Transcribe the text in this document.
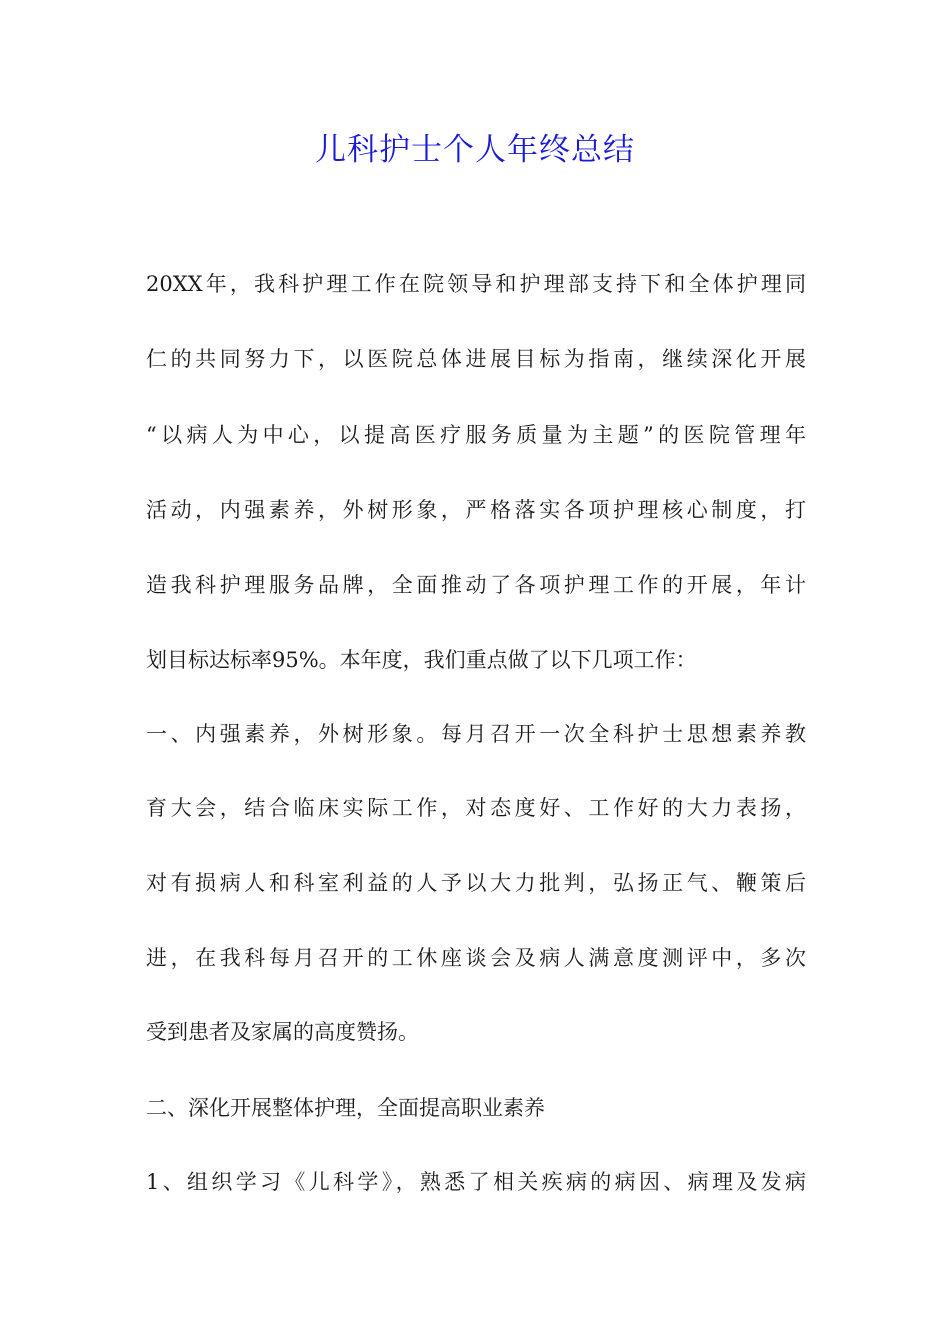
儿科护士个人年终总结
20XX年，我科护理工作在院领导和护理部支持下和全体护理同
仁的共同努力下，以医院总体进展目标为指南，继续深化开展
“以病人为中心，以提高医疗服务质量为主题”的医院管理年
活动，内强素养，外树形象，严格落实各项护理核心制度，打
造我科护理服务品牌，全面推动了各项护理工作的开展，年计
划目标达标率95%。本年度，我们重点做了以下几项工作：
一、内强素养，外树形象。每月召开一次全科护士思想素养教
育大会，结合临床实际工作，对态度好、工作好的大力表扬，
对有损病人和科室利益的人予以大力批判，弘扬正气、鞭策后
进，在我科每月召开的工休座谈会及病人满意度测评中，多次
受到患者及家属的高度赞扬。
二、深化开展整体护理，全面提高职业素养
1、组织学习《儿科学》，熟悉了相关疾病的病因、病理及发病
